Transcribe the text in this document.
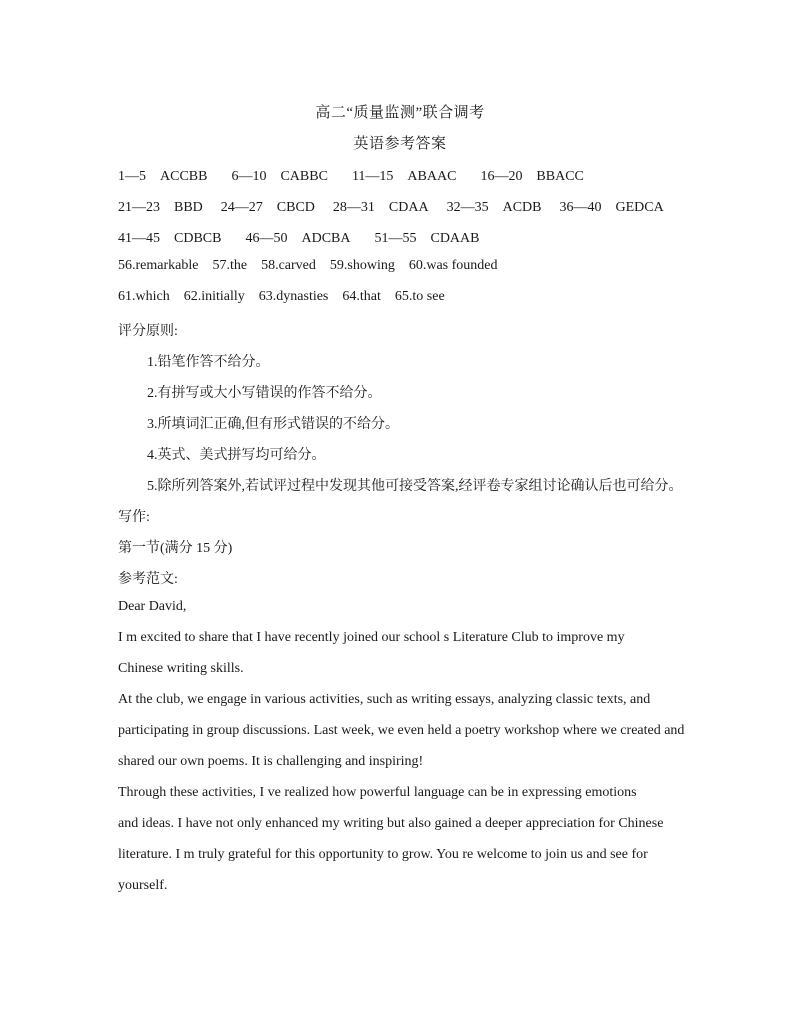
高二“质量监测”联合调考
英语参考答案
1—5　ACCBB 6—10　CABBC 11—15　ABAAC 16—20　BBACC
21—23　BBD 24—27　CBCD 28—31　CDAA 32—35　ACDB 36—40　GEDCA
41—45　CDBCB 46—50　ADCBA 51—55　CDAAB
56.remarkable 57.the 58.carved 59.showing 60.was founded
61.which 62.initially 63.dynasties 64.that 65.to see
评分原则:
1.铅笔作答不给分。
2.有拼写或大小写错误的作答不给分。
3.所填词汇正确,但有形式错误的不给分。
4.英式、美式拼写均可给分。
5.除所列答案外,若试评过程中发现其他可接受答案,经评卷专家组讨论确认后也可给分。
写作:
第一节(满分 15 分)
参考范文:
Dear David,
I m excited to share that I have recently joined our school s Literature Club to improve my
Chinese writing skills.
At the club, we engage in various activities, such as writing essays, analyzing classic texts, and
participating in group discussions. Last week, we even held a poetry workshop where we created and
shared our own poems. It is challenging and inspiring!
Through these activities, I ve realized how powerful language can be in expressing emotions
and ideas. I have not only enhanced my writing but also gained a deeper appreciation for Chinese
literature. I m truly grateful for this opportunity to grow. You re welcome to join us and see for
yourself.
